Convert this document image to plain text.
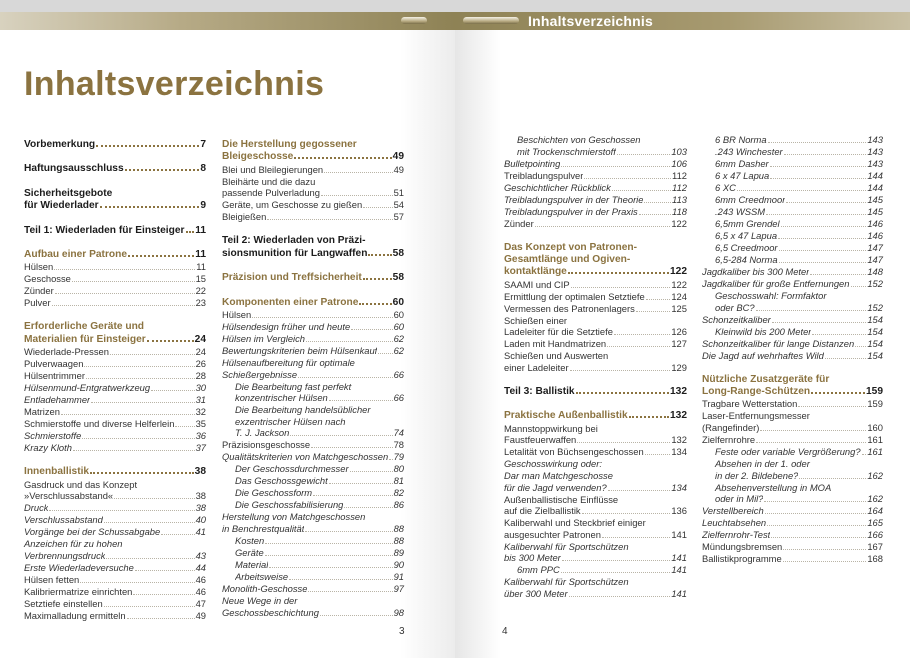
Inhaltsverzeichnis
Inhaltsverzeichnis
Vorbemerkung	7
Haftungsausschluss	8
Sicherheitsgebote
für Wiederlader	9
Teil 1: Wiederladen für Einsteiger 11
Aufbau einer Patrone	11
Hülsen	11
Geschosse	15
Zünder	22
Pulver	23
Erforderliche Geräte und
Materialien für Einsteiger	24
Wiederlade-Pressen	24
Pulverwaagen	26
Hülsentrimmer	28
Hülsenmund-Entgratwerkzeug	30
Entladehammer	31
Matrizen	32
Schmierstoffe und diverse Helferlein 35
Schmierstoffe	36
Krazy Kloth	37
Innenballistik	38
Gasdruck und das Konzept
»Verschlussabstand«	38
Druck	38
Verschlussabstand	40
Vorgänge bei der Schussabgabe	41
Anzeichen für zu hohen
Verbrennungsdruck	43
Erste Wiederladeversuche	44
Hülsen fetten	46
Kalibriermatrize einrichten	46
Setztiefe einstellen	47
Maximalladung ermitteln	49
Die Herstellung gegossener
Bleigeschosse	49
Blei und Bleilegierungen	49
Bleihärte und die dazu
passende Pulverladung	51
Geräte, um Geschosse zu gießen	54
Bleigießen	57
Teil 2: Wiederladen von Präzi-
sionsmunition für Langwaffen 58
Präzision und Treffsicherheit	58
Komponenten einer Patrone	60
Hülsen	60
Hülsendesign früher und heute	60
Hülsen im Vergleich	62
Bewertungskriterien beim Hülsenkauf 62
Hülsenaufbereitung für optimale
Schießergebnisse	66
Die Bearbeitung fast perfekt
konzentrischer Hülsen	66
Die Bearbeitung handelsüblicher
exzentrischer Hülsen nach
T. J. Jackson	74
Präzisionsgeschosse	78
Qualitätskriterien von Matchgeschossen 79
Der Geschossdurchmesser	80
Das Geschossgewicht	81
Die Geschossform	82
Die Geschossfabilisierung	86
Herstellung von Matchgeschossen
in Benchrestqualität	88
Kosten	88
Geräte	89
Material	90
Arbeitsweise	91
Monolith-Geschosse	97
Neue Wege in der
Geschossbeschichtung	98
Beschichten von Geschossen
mit Trockenschmierstoff	103
Bulletpointing	106
Treibladungspulver	112
Geschichtlicher Rückblick	112
Treibladungspulver in der Theorie	113
Treibladungspulver in der Praxis	118
Zünder	122
Das Konzept von Patronen-
Gesamtlänge und Ogiven-
kontaktlänge	122
SAAMI und CIP	122
Ermittlung der optimalen Setztiefe	124
Vermessen des Patronenlagers	125
Schießen einer
Ladeleiter für die Setztiefe	126
Laden mit Handmatrizen	127
Schießen und Auswerten
einer Ladeleiter	129
Teil 3: Ballistik	132
Praktische Außenballistik	132
Mannstoppwirkung bei
Faustfeuerwaffen	132
Letalität von Büchsengeschossen	134
Geschosswirkung oder:
Dar man Matchgeschosse
für die Jagd verwenden?	134
Außenballistische Einflüsse
auf die Zielballistik	136
Kaliberwahl und Steckbrief einiger
ausgesuchter Patronen	141
Kaliberwahl für Sportschützen
bis 300 Meter	141
6mm PPC	141
Kaliberwahl für Sportschützen
über 300 Meter	141
6 BR Norma	143
.243 Winchester	143
6mm Dasher	143
6 x 47 Lapua	144
6 XC	144
6mm Creedmoor	145
.243 WSSM	145
6,5mm Grendel	146
6,5 x 47 Lapua	146
6,5 Creedmoor	147
6,5-284 Norma	147
Jagdkaliber bis 300 Meter	148
Jagdkaliber für große Entfernungen 152
Geschosswahl: Formfaktor
oder BC?	152
Schonzeitkaliber	154
Kleinwild bis 200 Meter	154
Schonzeitkaliber für lange Distanzen 154
Die Jagd auf wehrhaftes Wild	154
Nützliche Zusatzgeräte für
Long-Range-Schützen	159
Tragbare Wetterstation	159
Laser-Entfernungsmesser
(Rangefinder)	160
Zielfernrohre	161
Feste oder variable Vergrößerung? 161
Absehen in der 1. oder
in der 2. Bildebene?	162
Absehenverstellung in MOA
oder in Mil?	162
Verstellbereich	164
Leuchtabsehen	165
Zielfernrohr-Test	166
Mündungsbremsen	167
Ballistikprogramme	168
3	4
